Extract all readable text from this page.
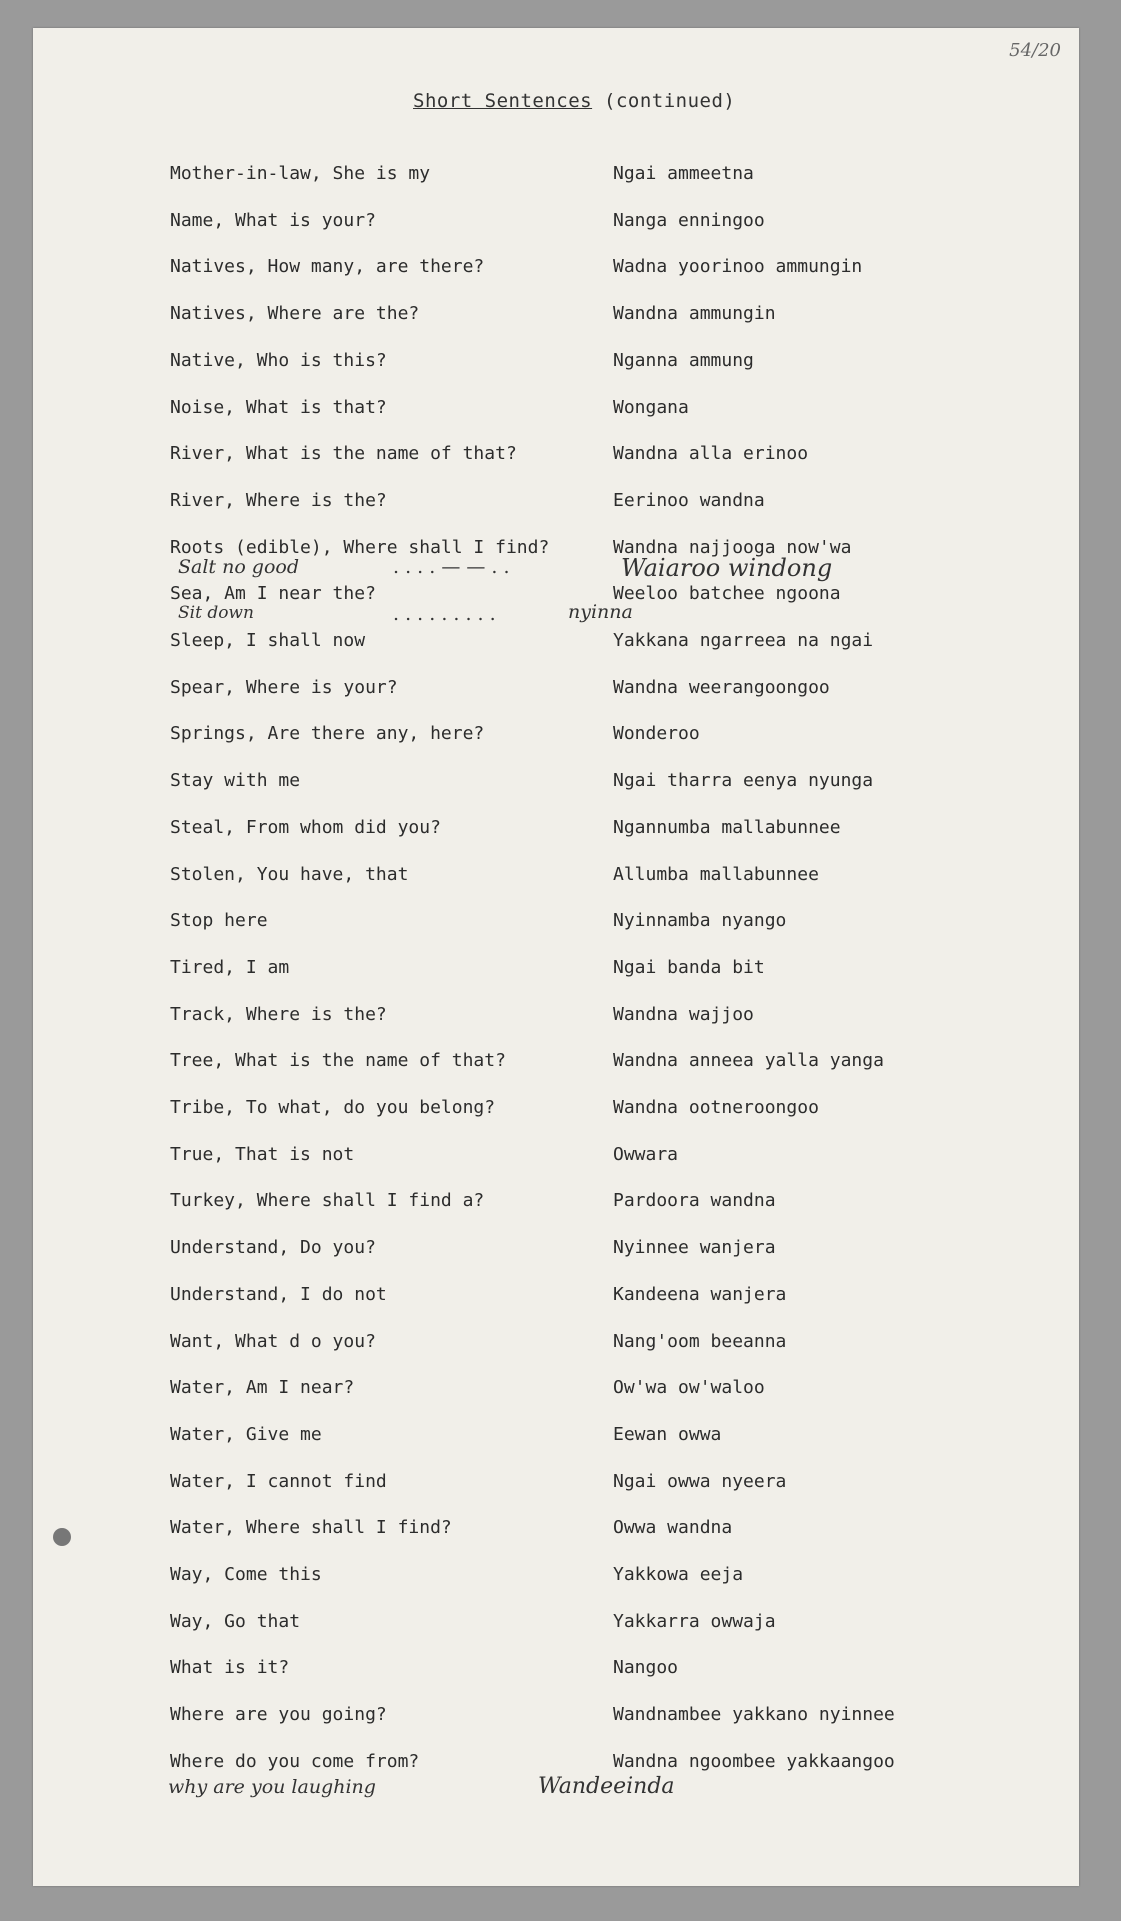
54/20
Short Sentences (continued)
Mother-in-law, She is my	Ngai ammeetna
Name, What is your?	Nanga enningoo
Natives, How many, are there?	Wadna yoorinoo ammungin
Natives, Where are the?	Wandna ammungin
Native, Who is this?	Nganna ammung
Noise, What is that?	Wongana
River, What is the name of that?	Wandna alla erinoo
River, Where is the?	Eerinoo wandna
Roots (edible), Where shall I find?	Wandna najjooga now'wa
Sea, Am I near the?	Weeloo batchee ngoona
Sleep, I shall now	Yakkana ngarreea na ngai
Spear, Where is your?	Wandna weerangoongoo
Springs, Are there any, here?	Wonderoo
Stay with me	Ngai tharra eenya nyunga
Steal, From whom did you?	Ngannumba mallabunnee
Stolen, You have, that	Allumba mallabunnee
Stop here	Nyinnamba nyango
Tired, I am	Ngai banda bit
Track, Where is the?	Wandna wajjoo
Tree, What is the name of that?	Wandna anneea yalla yanga
Tribe, To what, do you belong?	Wandna ootneroongoo
True, That is not	Owwara
Turkey, Where shall I find a?	Pardoora wandna
Understand, Do you?	Nyinnee wanjera
Understand, I do not	Kandeena wanjera
Want, What d o you?	Nang'oom beeanna
Water, Am I near?	Ow'wa ow'waloo
Water, Give me	Eewan owwa
Water, I cannot find	Ngai owwa nyeera
Water, Where shall I find?	Owwa wandna
Way, Come this	Yakkowa eeja
Way, Go that	Yakkarra owwaja
What is it?	Nangoo
Where are you going?	Wandnambee yakkano nyinnee
Where do you come from?	Wandna ngoombee yakkaangoo
Salt no good	. . . . — — . .	Waiaroo windong
Sit down	. . . . . . . . .	nyinna
why are you laughing	Wandeeinda
